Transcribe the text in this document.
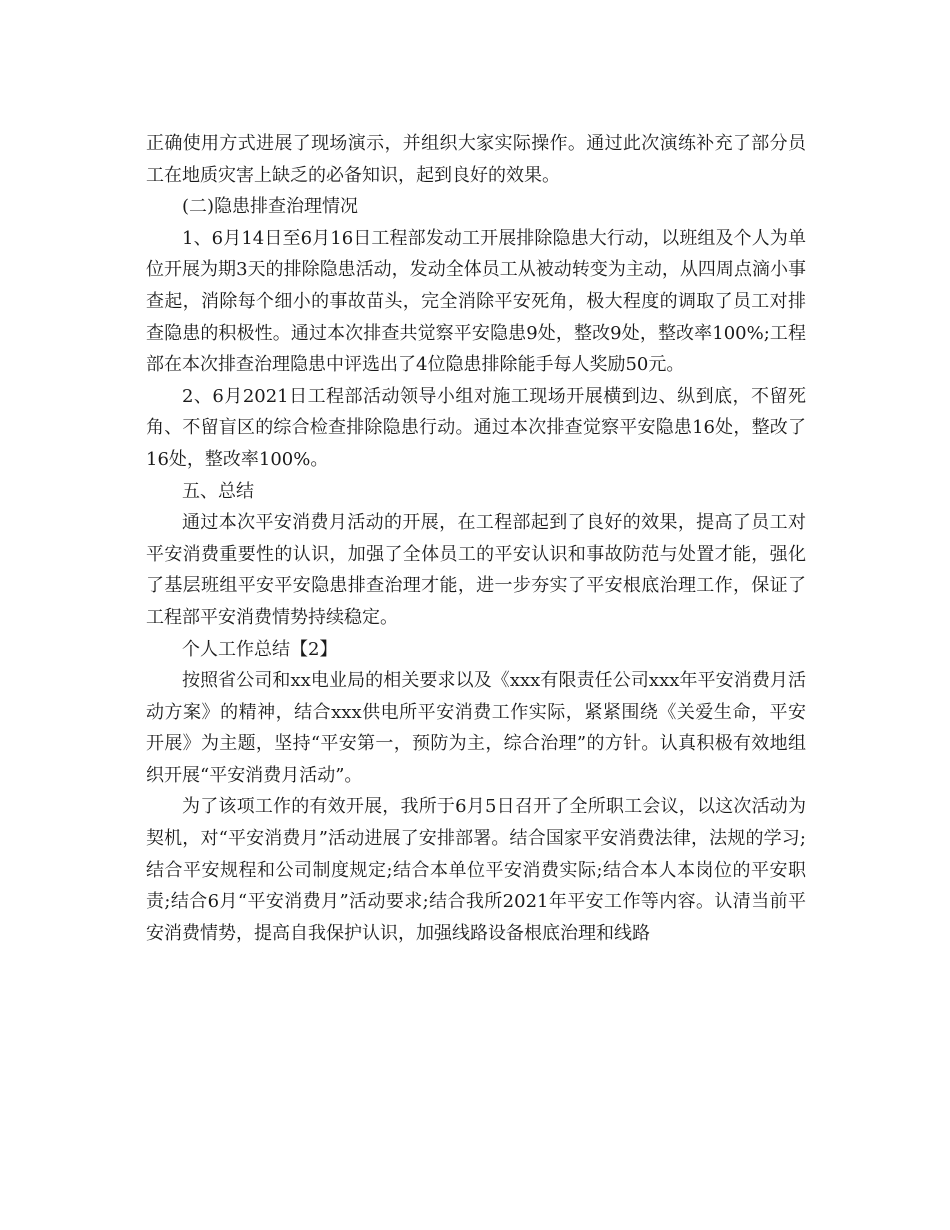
正确使用方式进展了现场演示，并组织大家实际操作。通过此次演练补充了部分员工在地质灾害上缺乏的必备知识，起到良好的效果。

(二)隐患排查治理情况

1、6月14日至6月16日工程部发动工开展排除隐患大行动，以班组及个人为单位开展为期3天的排除隐患活动，发动全体员工从被动转变为主动，从四周点滴小事查起，消除每个细小的事故苗头，完全消除平安死角，极大程度的调取了员工对排查隐患的积极性。通过本次排查共觉察平安隐患9处，整改9处，整改率100%;工程部在本次排查治理隐患中评选出了4位隐患排除能手每人奖励50元。

2、6月2021日工程部活动领导小组对施工现场开展横到边、纵到底，不留死角、不留盲区的综合检查排除隐患行动。通过本次排查觉察平安隐患16处，整改了16处，整改率100%。

五、总结

通过本次平安消费月活动的开展，在工程部起到了良好的效果，提高了员工对平安消费重要性的认识，加强了全体员工的平安认识和事故防范与处置才能，强化了基层班组平安平安隐患排查治理才能，进一步夯实了平安根底治理工作，保证了工程部平安消费情势持续稳定。

个人工作总结【2】

按照省公司和xx电业局的相关要求以及《xxx有限责任公司xxx年平安消费月活动方案》的精神，结合xxx供电所平安消费工作实际，紧紧围绕《关爱生命，平安开展》为主题，坚持“平安第一，预防为主，综合治理”的方针。认真积极有效地组织开展“平安消费月活动”。

为了该项工作的有效开展，我所于6月5日召开了全所职工会议，以这次活动为契机，对“平安消费月”活动进展了安排部署。结合国家平安消费法律，法规的学习;结合平安规程和公司制度规定;结合本单位平安消费实际;结合本人本岗位的平安职责;结合6月“平安消费月”活动要求;结合我所2021年平安工作等内容。认清当前平安消费情势，提高自我保护认识，加强线路设备根底治理和线路
